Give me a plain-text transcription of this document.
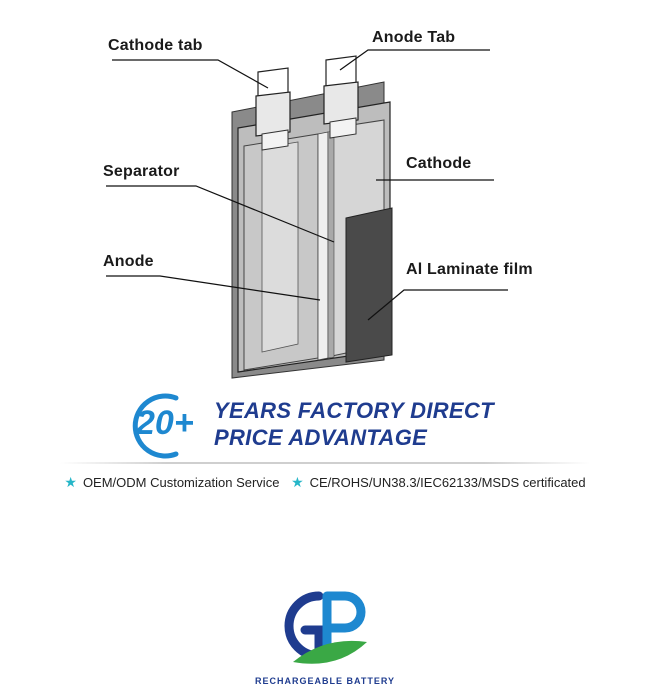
Cathode tab	Anode Tab
Separator	Cathode
Anode	Al Laminate film
20+ YEARS FACTORY DIRECT
PRICE ADVANTAGE
★ OEM/ODM Customization Service
★ CE/ROHS/UN38.3/IEC62133/MSDS certificated
RECHARGEABLE BATTERY
